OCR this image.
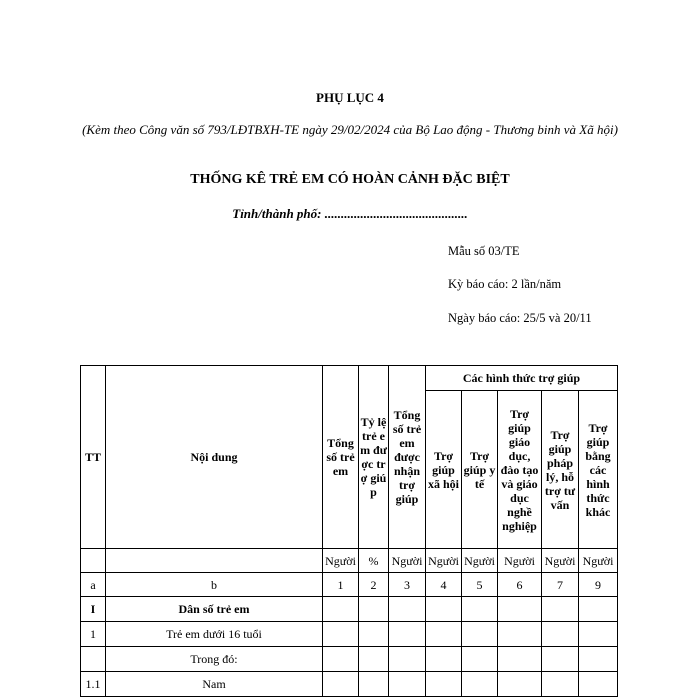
PHỤ LỤC 4
(Kèm theo Công văn số 793/LĐTBXH-TE ngày 29/02/2024 của Bộ Lao động - Thương binh và Xã hội)
THỐNG KÊ TRẺ EM CÓ HOÀN CẢNH ĐẶC BIỆT
Tỉnh/thành phố: ............................................
Mẫu số 03/TE
Kỳ báo cáo: 2 lần/năm
Ngày báo cáo: 25/5 và 20/11
TT	Nội dung	Tổng số trẻ em	Tỷ lệ trẻ em được trợ giúp	Tổng số trẻ em được nhận trợ giúp	Các hình thức trợ giúp				
					Trợ giúp xã hội	Trợ giúp y tế	Trợ giúp giáo dục, đào tạo và giáo dục nghề nghiệp	Trợ giúp pháp lý, hỗ trợ tư vấn	Trợ giúp bằng các hình thức khác
		Người	%	Người	Người	Người	Người	Người	Người
a	b	1	2	3	4	5	6	7	9
I	Dân số trẻ em								
1	Trẻ em dưới 16 tuổi								
	Trong đó:								
1.1	Nam								
